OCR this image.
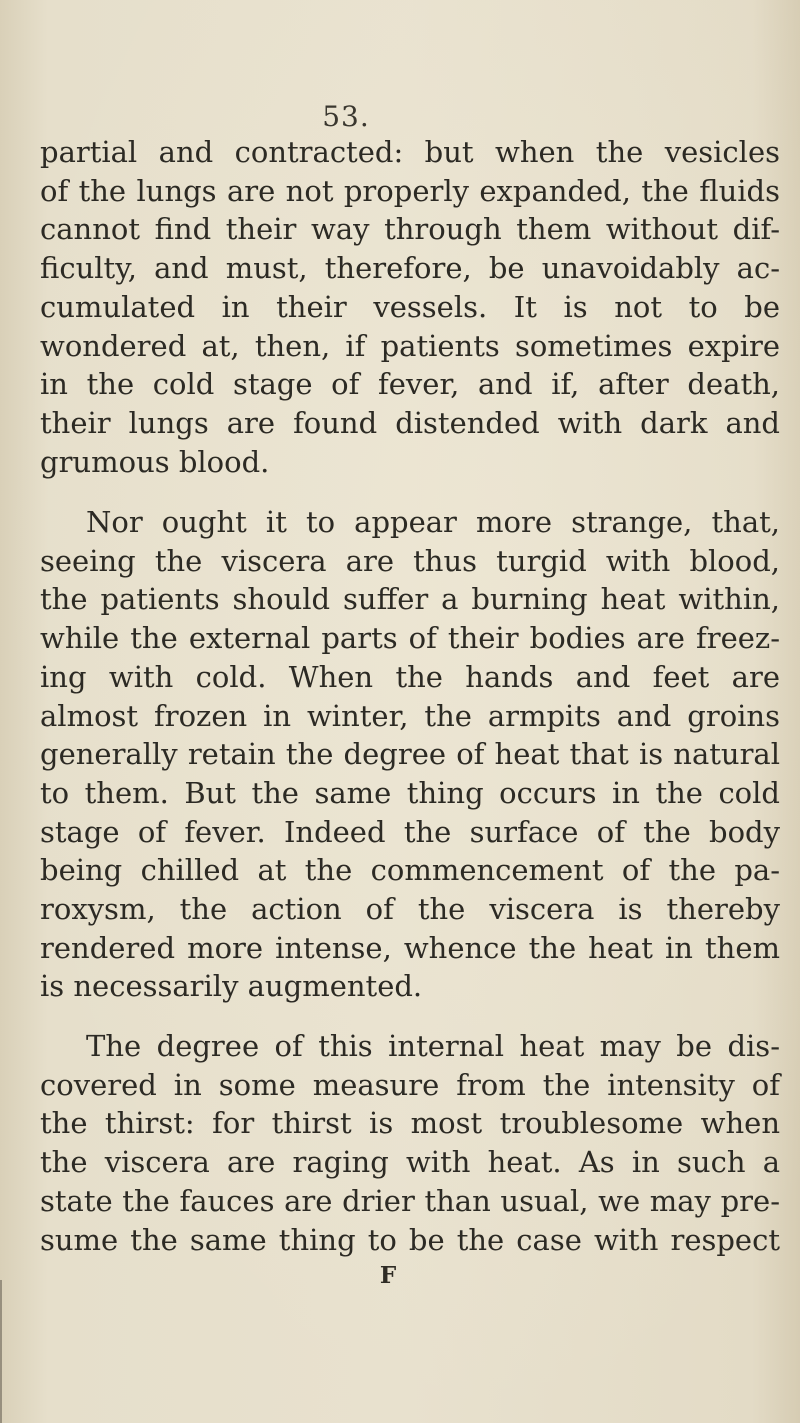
53.
partial and contracted: but when the vesicles
of the lungs are not properly expanded, the fluids
cannot find their way through them without dif-
ficulty, and must, therefore, be unavoidably ac-
cumulated in their vessels. It is not to be
wondered at, then, if patients sometimes expire
in the cold stage of fever, and if, after death,
their lungs are found distended with dark and
grumous blood.
Nor ought it to appear more strange, that,
seeing the viscera are thus turgid with blood,
the patients should suffer a burning heat within,
while the external parts of their bodies are freez-
ing with cold. When the hands and feet are
almost frozen in winter, the armpits and groins
generally retain the degree of heat that is natural
to them. But the same thing occurs in the cold
stage of fever. Indeed the surface of the body
being chilled at the commencement of the pa-
roxysm, the action of the viscera is thereby
rendered more intense, whence the heat in them
is necessarily augmented.
The degree of this internal heat may be dis-
covered in some measure from the intensity of
the thirst: for thirst is most troublesome when
the viscera are raging with heat. As in such a
state the fauces are drier than usual, we may pre-
sume the same thing to be the case with respect
F
